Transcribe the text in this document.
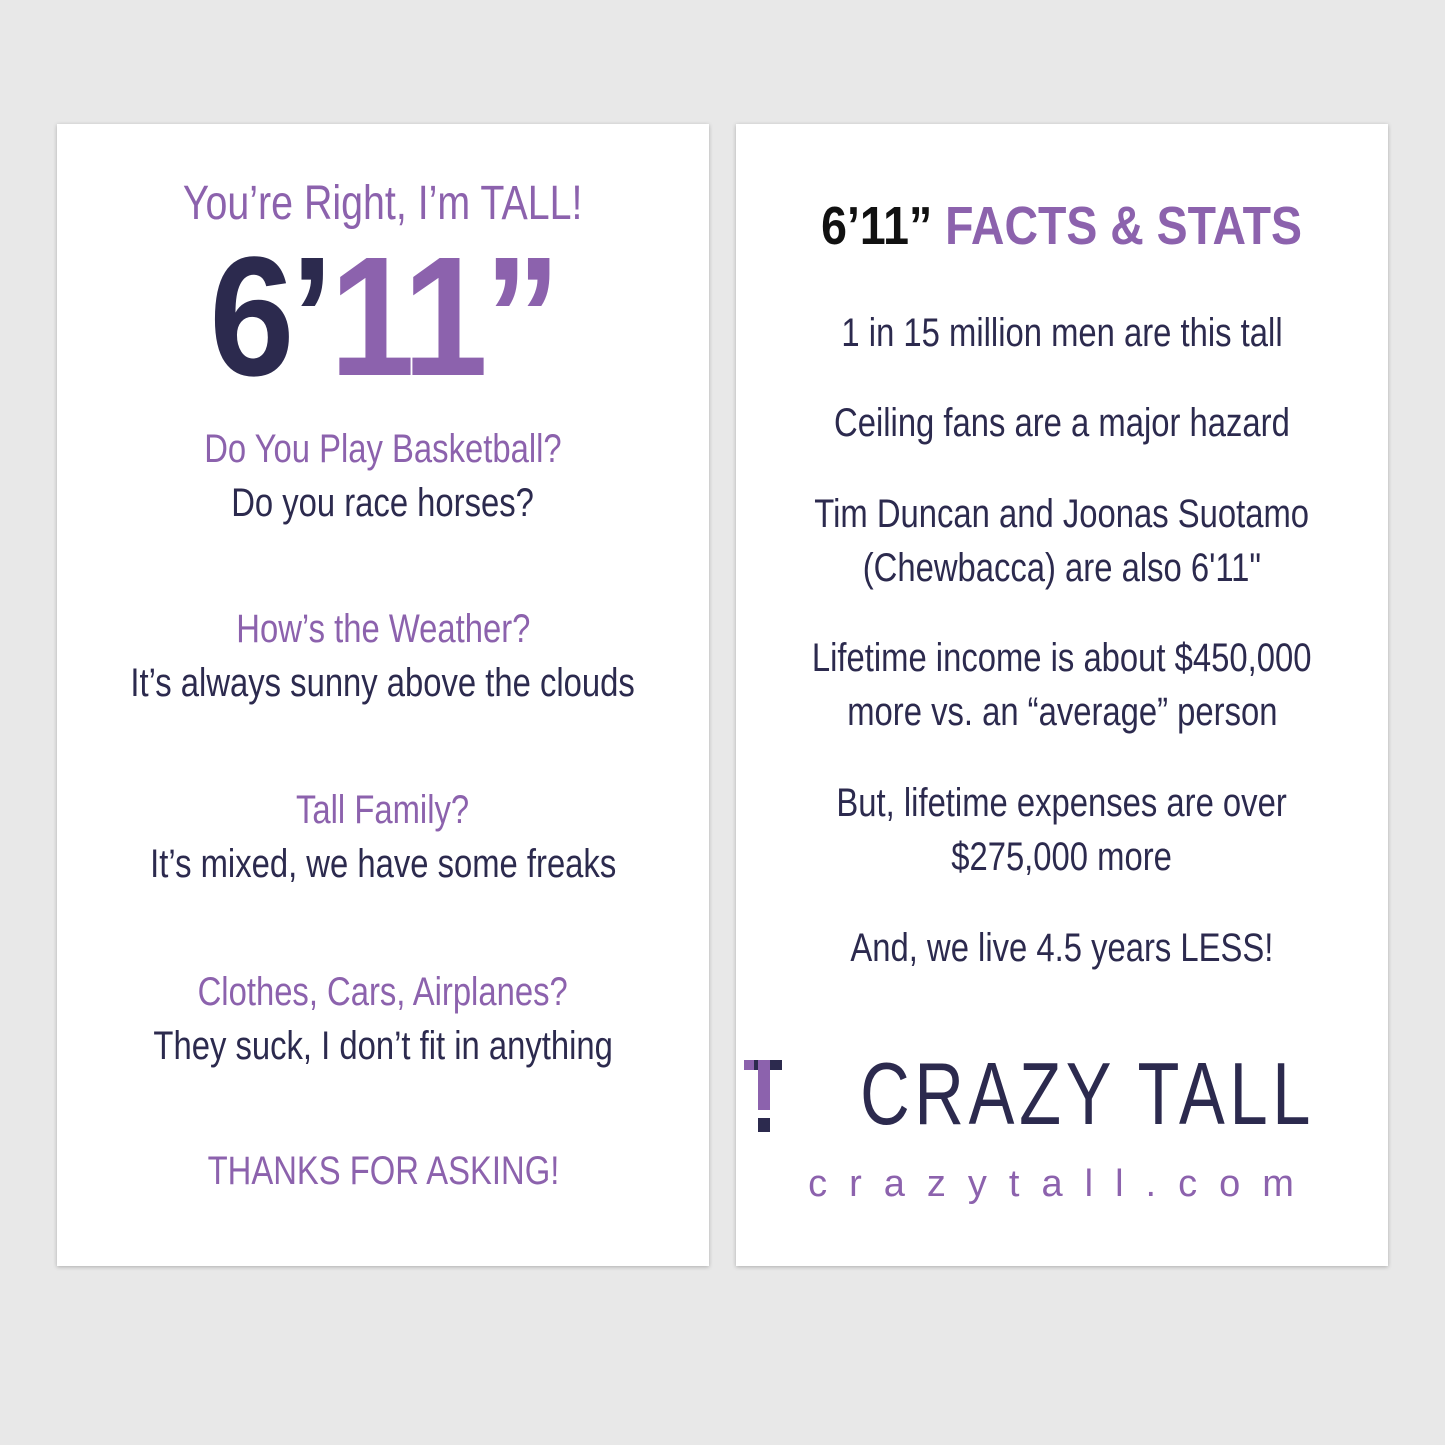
You’re Right, I’m TALL!
6’11”
Do You Play Basketball?
Do you race horses?
How’s the Weather?
It’s always sunny above the clouds
Tall Family?
It’s mixed, we have some freaks
Clothes, Cars, Airplanes?
They suck, I don’t fit in anything
THANKS FOR ASKING!
6’11” FACTS & STATS
1 in 15 million men are this tall
Ceiling fans are a major hazard
Tim Duncan and Joonas Suotamo
(Chewbacca) are also 6'11"
Lifetime income is about $450,000
more vs. an “average” person
But, lifetime expenses are over
$275,000 more
And, we live 4.5 years LESS!
CRAZY TALL
crazytall.com
